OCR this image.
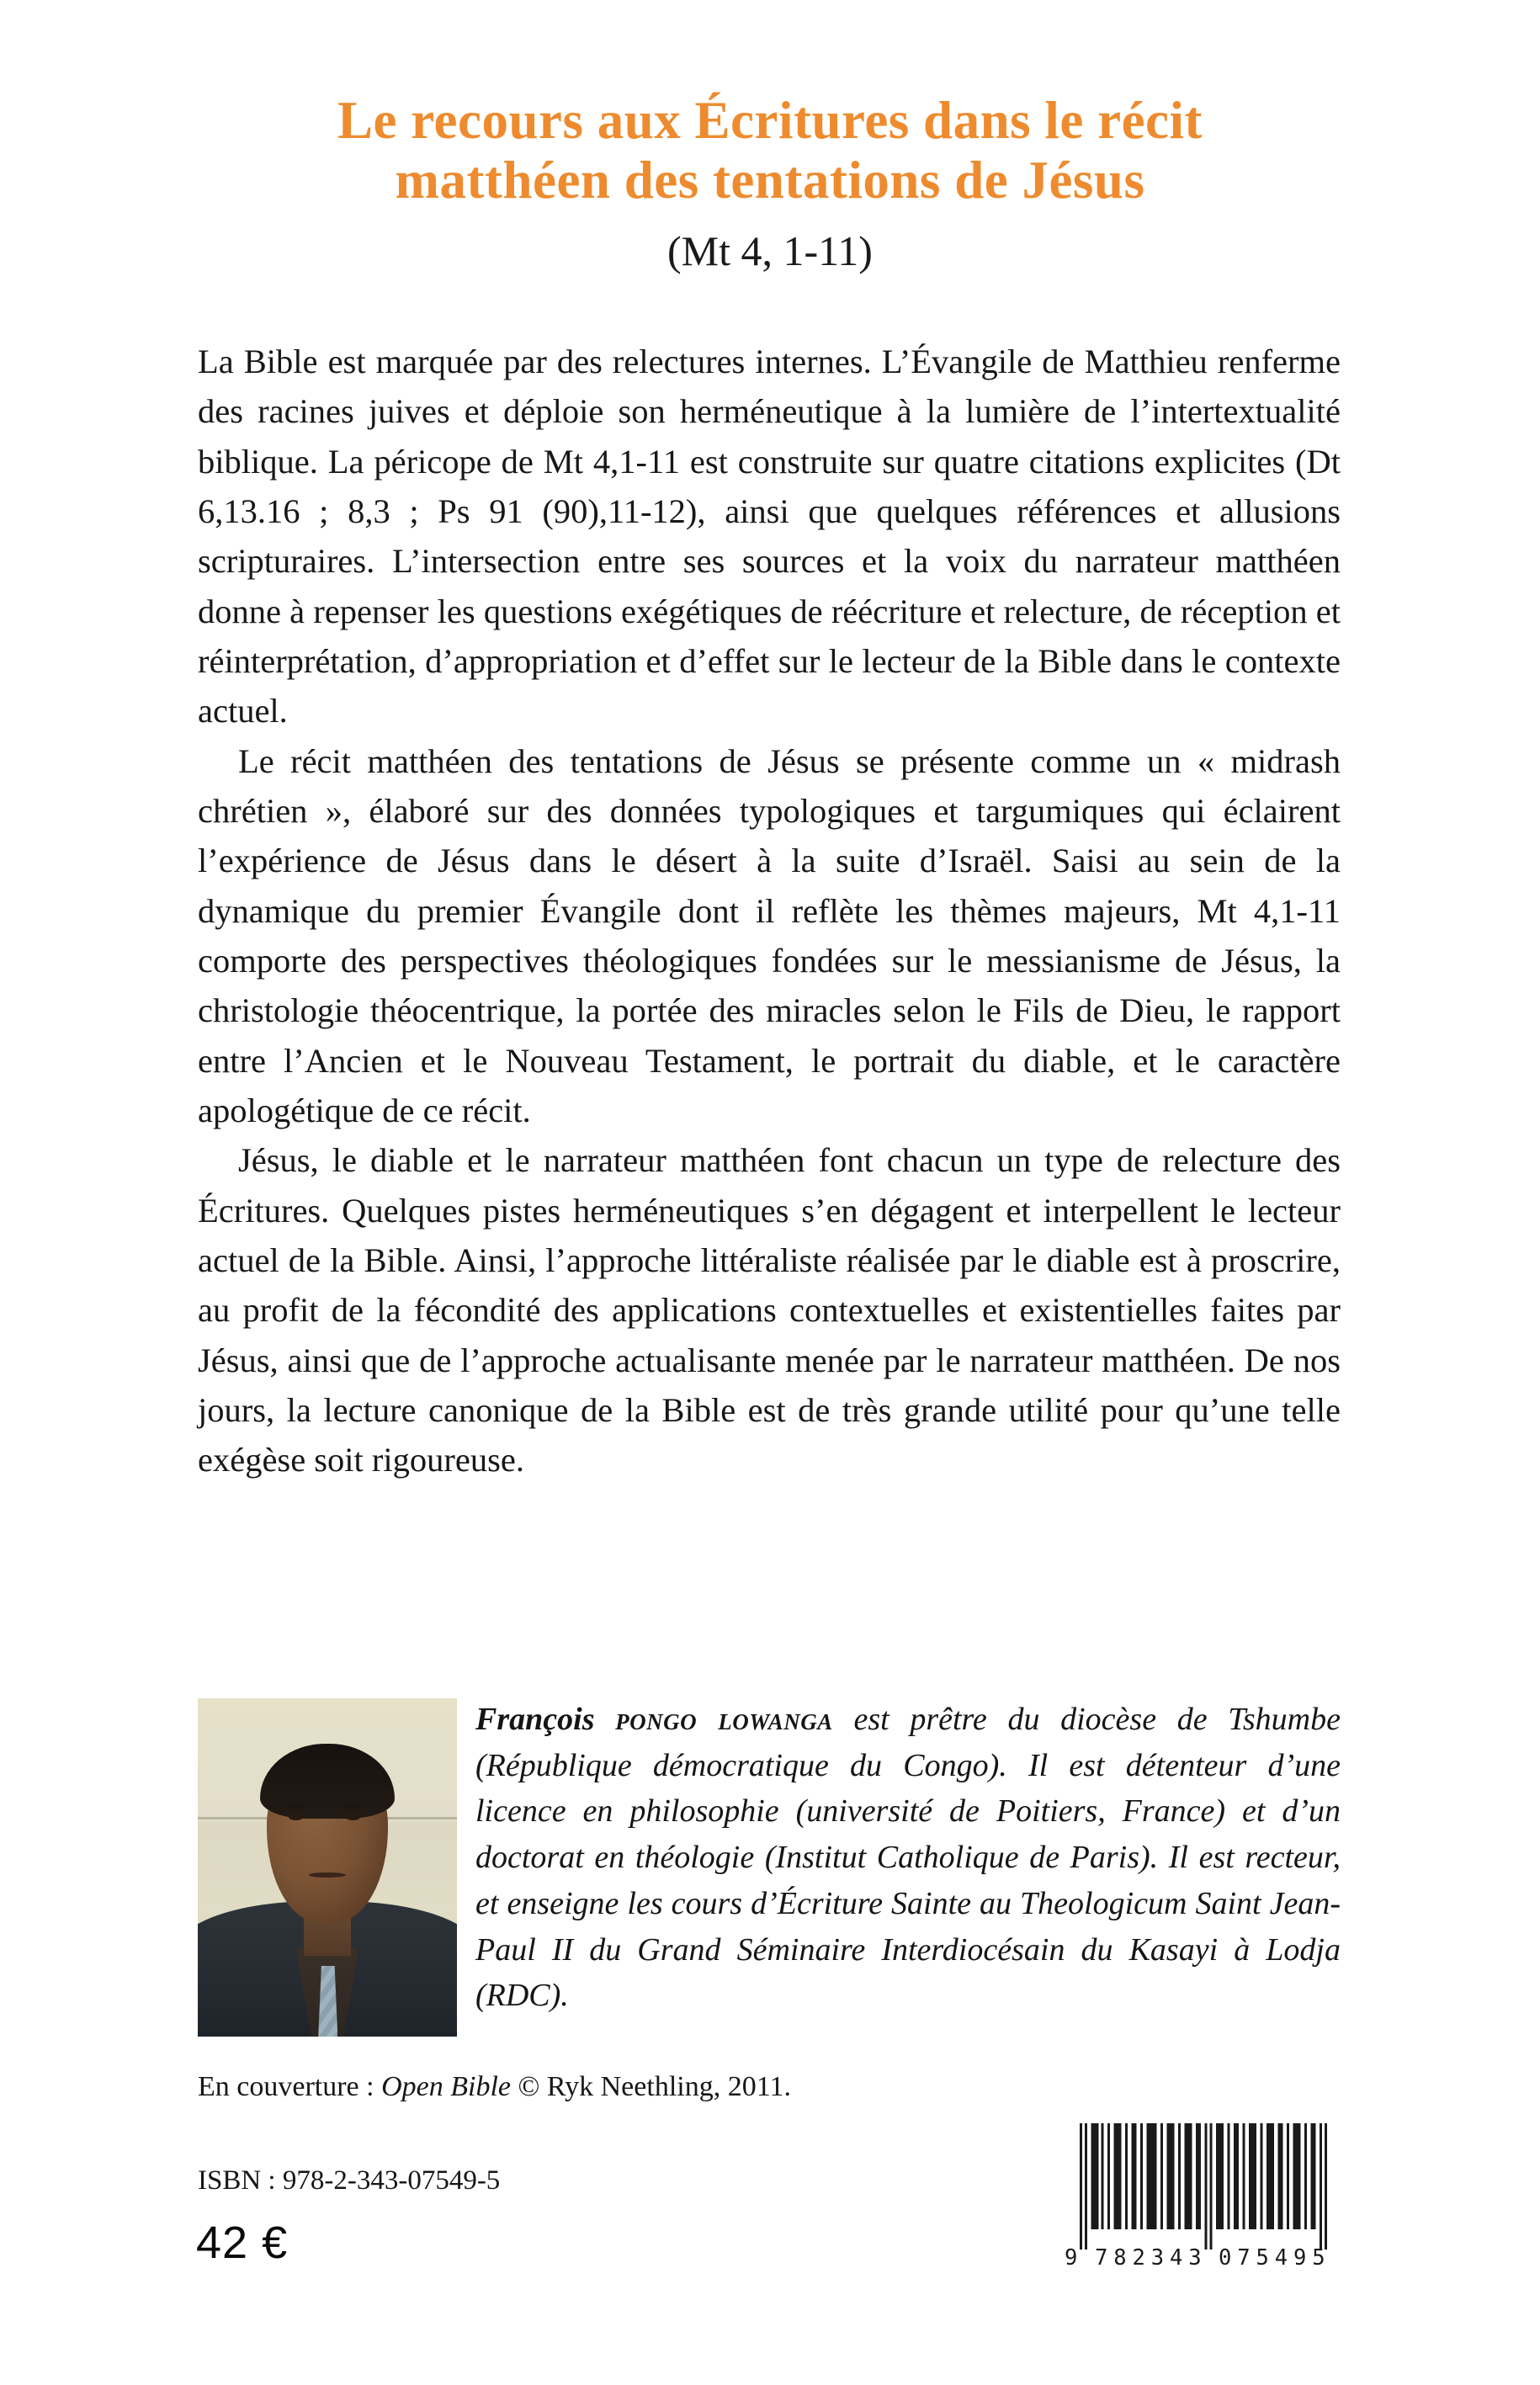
Le recours aux Écritures dans le récit
matthéen des tentations de Jésus
(Mt 4, 1-11)

La Bible est marquée par des relectures internes. L’Évangile de Matthieu renferme des racines juives et déploie son herméneutique à la lumière de l’intertextualité biblique. La péricope de Mt 4,1-11 est construite sur quatre citations explicites (Dt 6,13.16 ; 8,3 ; Ps 91 (90),11-12), ainsi que quelques références et allusions scripturaires. L’intersection entre ses sources et la voix du narrateur matthéen donne à repenser les questions exégétiques de réécriture et relecture, de réception et réinterprétation, d’appropriation et d’effet sur le lecteur de la Bible dans le contexte actuel.

Le récit matthéen des tentations de Jésus se présente comme un « midrash chrétien », élaboré sur des données typologiques et targumiques qui éclairent l’expérience de Jésus dans le désert à la suite d’Israël. Saisi au sein de la dynamique du premier Évangile dont il reflète les thèmes majeurs, Mt 4,1-11 comporte des perspectives théologiques fondées sur le messianisme de Jésus, la christologie théocentrique, la portée des miracles selon le Fils de Dieu, le rapport entre l’Ancien et le Nouveau Testament, le portrait du diable, et le caractère apologétique de ce récit.

Jésus, le diable et le narrateur matthéen font chacun un type de relecture des Écritures. Quelques pistes herméneutiques s’en dégagent et interpellent le lecteur actuel de la Bible. Ainsi, l’approche littéraliste réalisée par le diable est à proscrire, au profit de la fécondité des applications contextuelles et existentielles faites par Jésus, ainsi que de l’approche actualisante menée par le narrateur matthéen. De nos jours, la lecture canonique de la Bible est de très grande utilité pour qu’une telle exégèse soit rigoureuse.

François pongo lowanga est prêtre du diocèse de Tshumbe (République démocratique du Congo). Il est détenteur d’une licence en philosophie (université de Poitiers, France) et d’un doctorat en théologie (Institut Catholique de Paris). Il est recteur, et enseigne les cours d’Écriture Sainte au Theologicum Saint Jean-Paul II du Grand Séminaire Interdiocésain du Kasayi à Lodja (RDC).
En couverture : Open Bible © Ryk Neethling, 2011.
ISBN : 978-2-343-07549-5
42 €	9 782343 075495
